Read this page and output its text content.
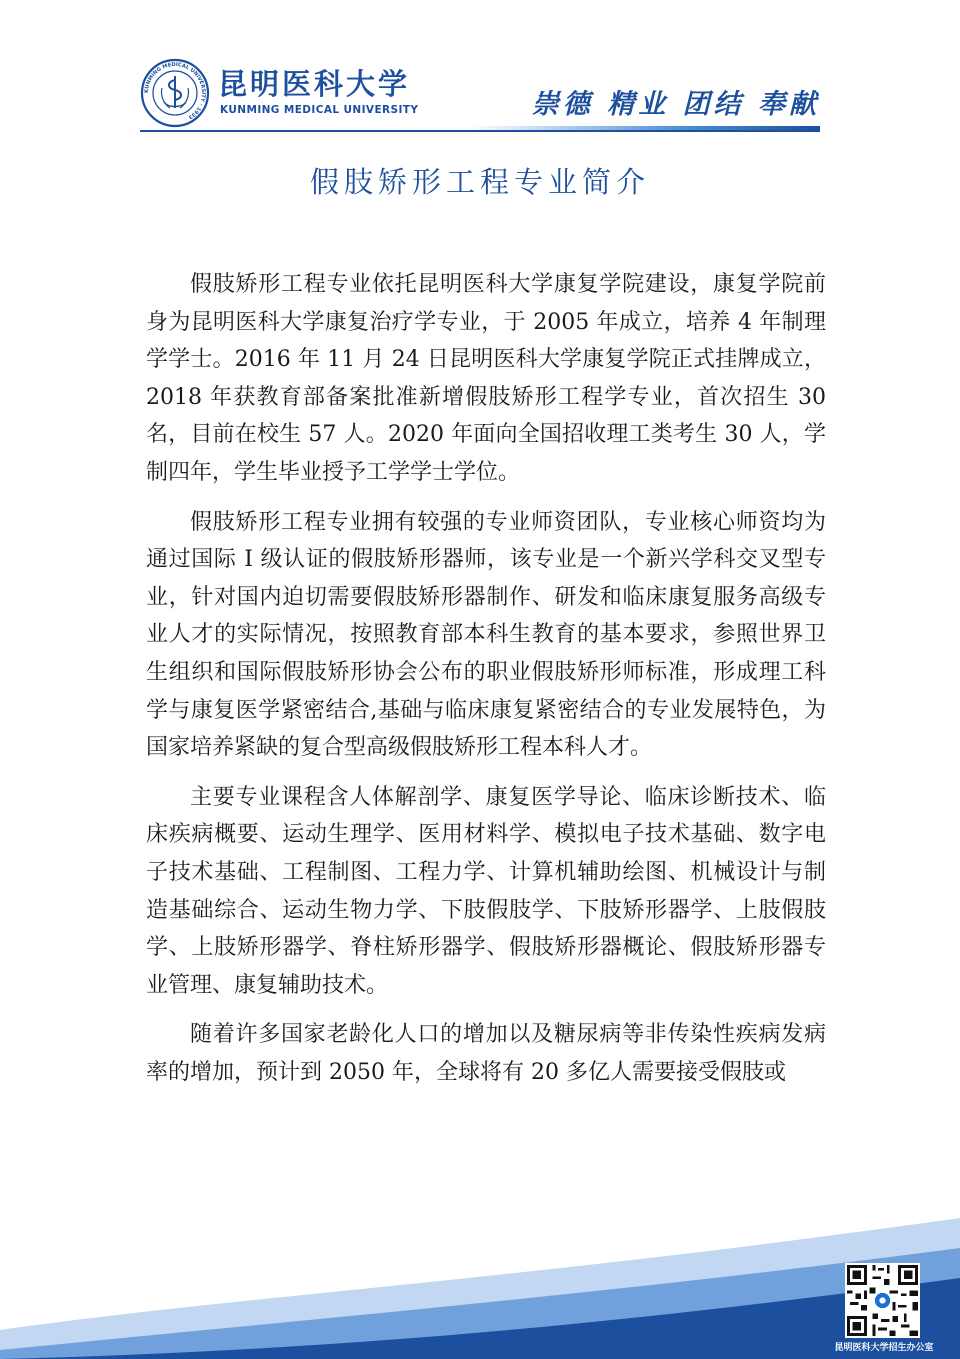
KUNMING MEDICAL UNIVERSITY · 1933
昆明医科大学
KUNMING MEDICAL UNIVERSITY	崇德 精业 团结 奉献
假肢矫形工程专业简介

假肢矫形工程专业依托昆明医科大学康复学院建设，康复学院前身为昆明医科大学康复治疗学专业，于 2005 年成立，培养 4 年制理学学士。2016 年 11 月 24 日昆明医科大学康复学院正式挂牌成立，2018 年获教育部备案批准新增假肢矫形工程学专业，首次招生 30 名，目前在校生 57 人。2020 年面向全国招收理工类考生 30 人，学制四年，学生毕业授予工学学士学位。

假肢矫形工程专业拥有较强的专业师资团队，专业核心师资均为通过国际 I 级认证的假肢矫形器师，该专业是一个新兴学科交叉型专业，针对国内迫切需要假肢矫形器制作、研发和临床康复服务高级专业人才的实际情况，按照教育部本科生教育的基本要求，参照世界卫生组织和国际假肢矫形协会公布的职业假肢矫形师标准，形成理工科学与康复医学紧密结合,基础与临床康复紧密结合的专业发展特色，为国家培养紧缺的复合型高级假肢矫形工程本科人才。

主要专业课程含人体解剖学、康复医学导论、临床诊断技术、临床疾病概要、运动生理学、医用材料学、模拟电子技术基础、数字电子技术基础、工程制图、工程力学、计算机辅助绘图、机械设计与制造基础综合、运动生物力学、下肢假肢学、下肢矫形器学、上肢假肢学、上肢矫形器学、脊柱矫形器学、假肢矫形器概论、假肢矫形器专业管理、康复辅助技术。

随着许多国家老龄化人口的增加以及糖尿病等非传染性疾病发病率的增加，预计到 2050 年，全球将有 20 多亿人需要接受假肢或

昆明医科大学招生办公室
